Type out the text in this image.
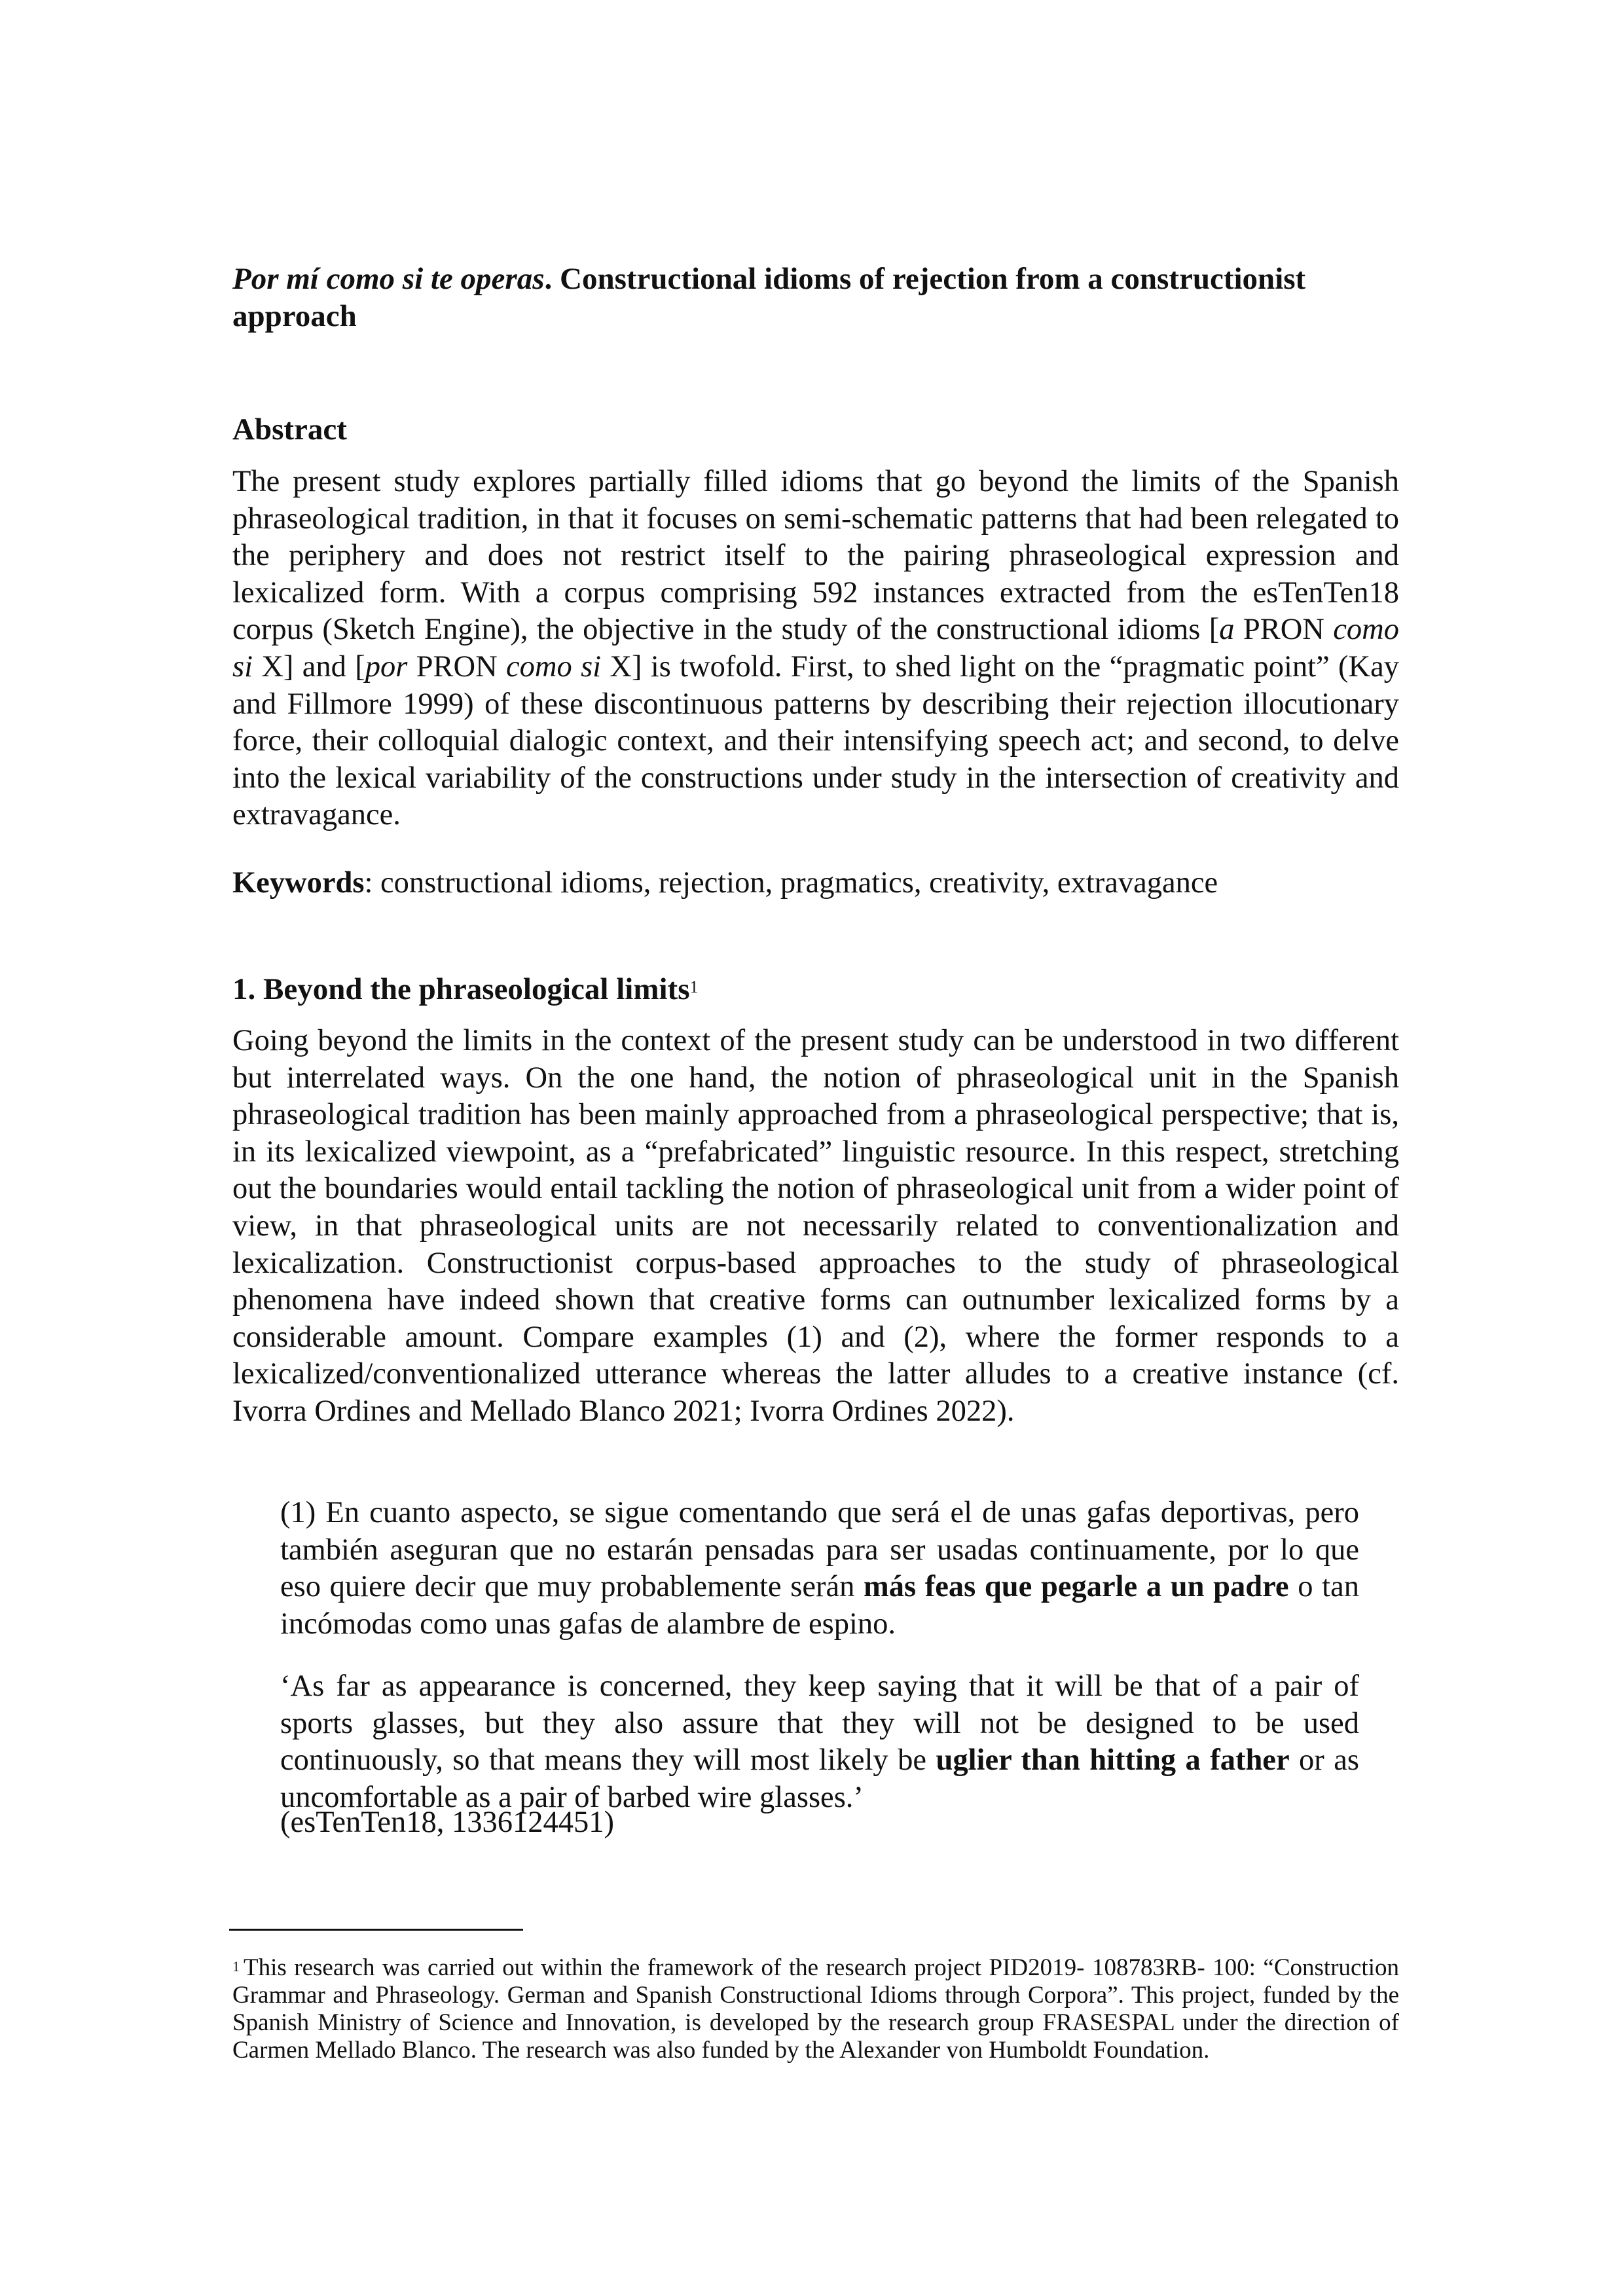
Por mí como si te operas. Constructional idioms of rejection from a constructionist approach
Abstract

The present study explores partially filled idioms that go beyond the limits of the Spanish phraseological tradition, in that it focuses on semi-schematic patterns that had been relegated to the periphery and does not restrict itself to the pairing phraseological expression and lexicalized form. With a corpus comprising 592 instances extracted from the esTenTen18 corpus (Sketch Engine), the objective in the study of the constructional idioms [a PRON como si X] and [por PRON como si X] is twofold. First, to shed light on the “pragmatic point” (Kay and Fillmore 1999) of these discontinuous patterns by describing their rejection illocutionary force, their colloquial dialogic context, and their intensifying speech act; and second, to delve into the lexical variability of the constructions under study in the intersection of creativity and extravagance.

Keywords: constructional idioms, rejection, pragmatics, creativity, extravagance

1. Beyond the phraseological limits$^1$

Going beyond the limits in the context of the present study can be understood in two different but interrelated ways. On the one hand, the notion of phraseological unit in the Spanish phraseological tradition has been mainly approached from a phraseological perspective; that is, in its lexicalized viewpoint, as a “prefabricated” linguistic resource. In this respect, stretching out the boundaries would entail tackling the notion of phraseological unit from a wider point of view, in that phraseological units are not necessarily related to conventionalization and lexicalization. Constructionist corpus-based approaches to the study of phraseological phenomena have indeed shown that creative forms can outnumber lexicalized forms by a considerable amount. Compare examples (1) and (2), where the former responds to a lexicalized/conventionalized utterance whereas the latter alludes to a creative instance (cf. Ivorra Ordines and Mellado Blanco 2021; Ivorra Ordines 2022).

(1) En cuanto aspecto, se sigue comentando que será el de unas gafas deportivas, pero también aseguran que no estarán pensadas para ser usadas continuamente, por lo que eso quiere decir que muy probablemente serán más feas que pegarle a un padre o tan incómodas como unas gafas de alambre de espino.

‘As far as appearance is concerned, they keep saying that it will be that of a pair of sports glasses, but they also assure that they will not be designed to be used continuously, so that means they will most likely be uglier than hitting a father or as uncomfortable as a pair of barbed wire glasses.’

(esTenTen18, 1336124451)

$^1$ This research was carried out within the framework of the research project PID2019- 108783RB- 100: “Construction Grammar and Phraseology. German and Spanish Constructional Idioms through Corpora”. This project, funded by the Spanish Ministry of Science and Innovation, is developed by the research group FRASESPAL under the direction of Carmen Mellado Blanco. The research was also funded by the Alexander von Humboldt Foundation.
